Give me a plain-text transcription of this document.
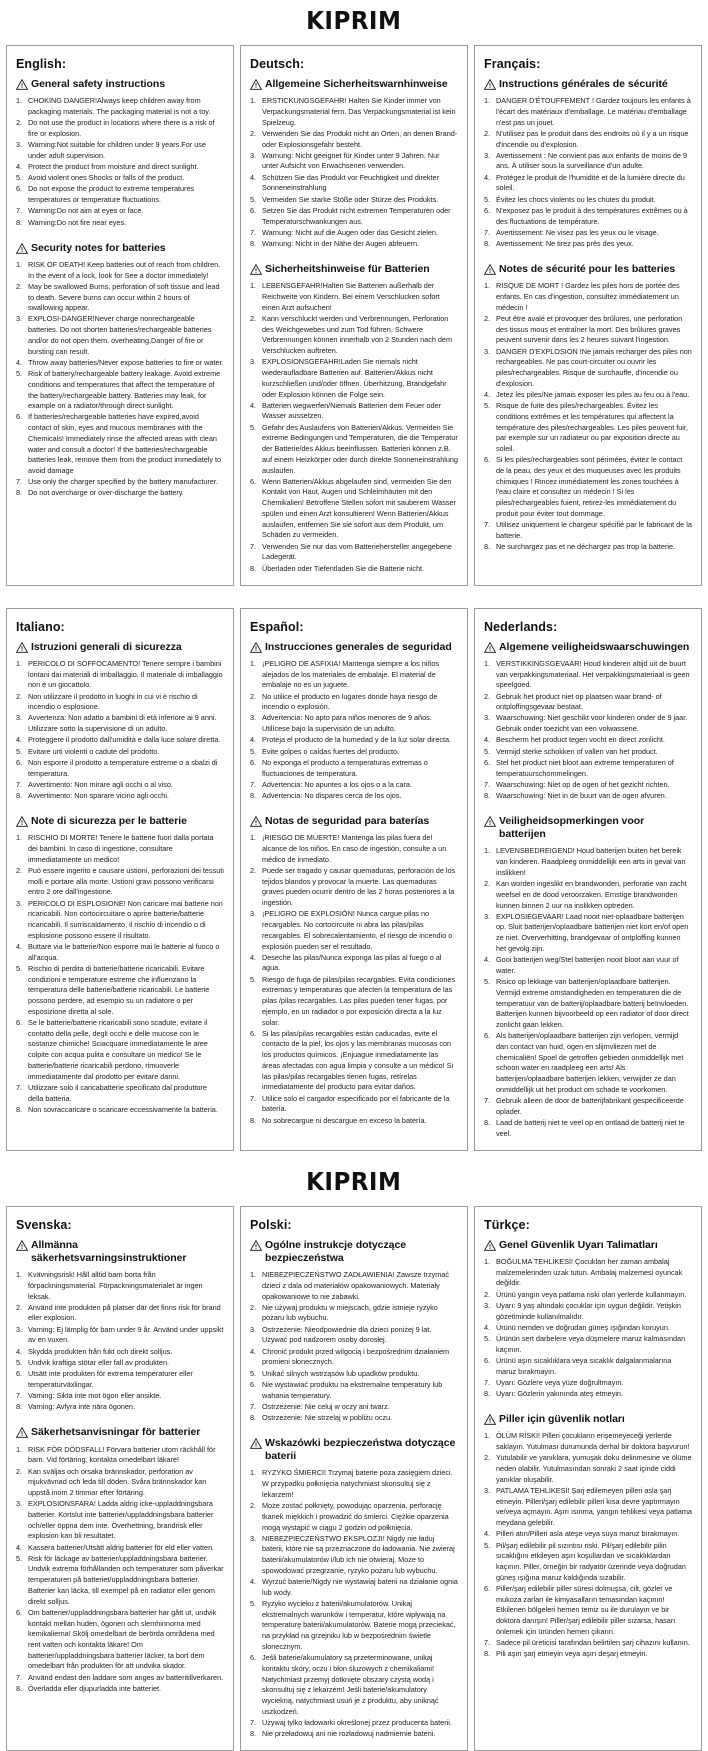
KIPRIM
English:
General safety instructions
CHOKING DANGER!Always keep children away from packaging materials. The packaging material is not a toy.
Do not use the product in locations where there is a risk of fire or explosion.
Warning:Not suitable for children under 9 years.For use under adult supervision.
Protect the product from moisture and direct sunlight.
Avoid violent ones Shocks or falls of the product.
Do not expose the product to extreme temperatures temperatures or temperature fluctuations.
Warning:Do not aim at eyes or face.
Warning:Do not fire near eyes.
Security notes for batteries
RISK OF DEATH! Keep batteries out of reach from children. In the event of a lock, look for See a doctor immediately!
May be swallowed Burns, perforation of soft tissue and lead to death. Severe burns can occur within 2 hours of swallowing appear.
EXPLOSI-DANGER!Never charge nonrechargeable batteries. Do not shorten batteries/rechargeable batteries and/or do not open them. overheating,Danger of fire or bursting can result.
Throw away batteries/Never expose batteries to fire or water.
Risk of battery/rechargeable battery leakage. Avoid extreme conditions and temperatures that affect the temperature of the battery/rechargeable battery. Batteries may leak, for example on a radiator/through direct sunlight.
If batteries/rechargeable batteries have expired,avoid contact of skin, eyes and mucous membranes with the Chemicals! Immediately rinse the affected areas with clean water and consult a doctor! If the batteries/rechargeable batteries leak, remove them from the product immediately to avoid damage
Use only the charger specified by the battery manufacturer.
Do not overcharge or over-discharge the battery.
Deutsch:
Allgemeine Sicherheitswarnhinweise
ERSTICKUNGSGEFAHR! Halten Sie Kinder immer von Verpackungsmaterial fern. Das Verpackungsmaterial ist kein Spielzeug.
Verwenden Sie das Produkt nicht an Orten, an denen Brand- oder Explosionsgefahr besteht.
Warnung: Nicht geeignet für Kinder unter 9 Jahren. Nur unter Aufsicht von Erwachsenen verwenden.
Schützen Sie das Produkt vor Feuchtigkeit und direkter Sonneneinstrahlung
Vermeiden Sie starke Stöße oder Stürze des Produkts.
Setzen Sie das Produkt nicht extremen Temperaturen oder Temperaturschwankungen aus.
Warnung: Nicht auf die Augen oder das Gesicht zielen.
Warnung: Nicht in der Nähe der Augen abfeuern.
Sicherheitshinweise für Batterien
LEBENSGEFAHR!Halten Sie Batterien außerhalb der Reichweite von Kindern. Bei einem Verschlucken sofort einen Arzt aufsuchen!
Kann verschluckt werden und Verbrennungen, Perforation des Weichgewebes und zum Tod führen. Schwere Verbrennungen können innerhalb von 2 Stunden nach dem Verschlucken auftreten.
EXPLOSIONSGEFAHR!Laden Sie niemals nicht wiederaufladbare Batterien auf. Batterien/Akkus nicht kurzschließen und/oder öffnen. Überhitzung, Brandgefahr oder Explosion können die Folge sein.
Batterien wegwerfen/Niemals Batterien dem Feuer oder Wasser aussetzen.
Gefahr des Auslaufens von Batterien/Akkus. Vermeiden Sie extreme Bedingungen und Temperaturen, die die Temperatur der Batterie/des Akkus beeinflussen. Batterien können z.B. auf einem Heizkörper oder durch direkte Sonneneinstrahlung auslaufen.
Wenn Batterien/Akkus abgelaufen sind, vermeiden Sie den Kontakt von Haut, Augen und Schleimhäuten mit den Chemikalien! Betroffene Stellen sofort mit sauberem Wasser spülen und einen Arzt konsultieren! Wenn Batterien/Akkus auslaufen, entfernen Sie sie sofort aus dem Produkt, um Schäden zu vermeiden.
Verwenden Sie nur das vom Batteriehersteller angegebene Ladegerät.
Überladen oder Tiefentladen Sie die Batterie nicht.
Français:
Instructions générales de sécurité
DANGER D'ÉTOUFFEMENT ! Gardez toujours les enfants à l'écart des matériaux d'emballage. Le matériau d'emballage n'est pas un jouet.
N'utilisez pas le produit dans des endroits où il y a un risque d'incendie ou d'explosion.
Avertissement : Ne convient pas aux enfants de moins de 9 ans. À utiliser sous la surveillance d'un adulte.
Protégez le produit de l'humidité et de la lumière directe du soleil.
Évitez les chocs violents ou les chutes du produit.
N'exposez pas le produit à des températures extrêmes ou à des fluctuations de température.
Avertissement: Ne visez pas les yeux ou le visage.
Avertissement: Ne tirez pas près des yeux.
Notes de sécurité pour les batteries
RISQUE DE MORT ! Gardez les piles hors de portée des enfants. En cas d'ingestion, consultez immédiatement un médecin !
Peut être avalé et provoquer des brûlures, une perforation des tissus mous et entraîner la mort. Des brûlures graves peuvent survenir dans les 2 heures suivant l'ingestion.
DANGER D'EXPLOSION !Ne jamais recharger des piles non rechargeables. Ne pas court-circuiter ou ouvrir les piles/rechargeables. Risque de surchauffe, d'incendie ou d'explosion.
Jetez les piles/Ne jamais exposer les piles au feu ou à l'eau.
Risque de fuite des piles/rechargeables. Évitez les conditions extrêmes et les températures qui affectent la température des piles/rechargeables. Les piles peuvent fuir, par exemple sur un radiateur ou par exposition directe au soleil.
Si les piles/rechargeables sont périmées, évitez le contact de la peau, des yeux et des muqueuses avec les produits chimiques ! Rincez immédiatement les zones touchées à l'eau claire et consultez un médecin ! Si les piles/rechargeables fuient, retirez-les immédiatement du produit pour éviter tout dommage.
Utilisez uniquement le chargeur spécifié par le fabricant de la batterie.
Ne surchargez pas et ne déchargez pas trop la batterie.
Italiano:
Istruzioni generali di sicurezza
PERICOLO DI SOFFOCAMENTO! Tenere sempre i bambini lontani dai materiali di imballaggio. Il materiale di imballaggio non è un giocattolo.
Non utilizzare il prodotto in luoghi in cui vi è rischio di incendio o esplosione.
Avvertenza: Non adatto a bambini di età inferiore ai 9 anni. Utilizzare sotto la supervisione di un adulto.
Proteggere il prodotto dall'umidità e dalla luce solare diretta.
Evitare urti violenti o cadute del prodotto.
Non esporre il prodotto a temperature estreme o a sbalzi di temperatura.
Avvertimento: Non mirare agli occhi o al viso.
Avvertimento: Non sparare vicino agli occhi.
Note di sicurezza per le batterie
RISCHIO DI MORTE! Tenere le batterie fuori dalla portata dei bambini. In caso di ingestione, consultare immediatamente un medico!
Può essere ingerito e causare ustioni, perforazioni dei tessuti molli e portare alla morte. Ustioni gravi possono verificarsi entro 2 ore dall'ingestione.
PERICOLO DI ESPLOSIONE! Non caricare mai batterie non ricaricabili. Non cortocircuitare o aprire batterie/batterie ricaricabili. Il surriscaldamento, il rischio di incendio o di esplosione possono essere il risultato.
Buttare via le batterie/Non esporre mai le batterie al fuoco o all'acqua.
Rischio di perdita di batterie/batterie ricaricabili. Evitare condizioni e temperature estreme che influenzano la temperatura delle batterie/batterie ricaricabili. Le batterie possono perdere, ad esempio su un radiatore o per esposizione diretta al sole.
Se le batterie/batterie ricaricabili sono scadute, evitare il contatto della pelle, degli occhi e delle mucose con le sostanze chimiche! Sciacquare immediatamente le aree colpite con acqua pulita e consultare un medico! Se le batterie/batterie ricaricabili perdono, rimuoverle immediatamente dal prodotto per evitare danni.
Utilizzare solo il caricabatterie specificato dal produttore della batteria.
Non sovraccaricare o scaricare eccessivamente la batteria.
Español:
Instrucciones generales de seguridad
¡PELIGRO DE ASFIXIA! Mantenga siempre a los niños alejados de los materiales de embalaje. El material de embalaje no es un juguete.
No utilice el producto en lugares donde haya riesgo de incendio o explosión.
Advertencia: No apto para niños menores de 9 años. Utilícese bajo la supervisión de un adulto.
Proteja el producto de la humedad y de la luz solar directa.
Evite golpes o caídas fuertes del producto.
No exponga el producto a temperaturas extremas o fluctuaciones de temperatura.
Advertencia: No apuntes a los ojos o a la cara.
Advertencia: No dispares cerca de los ojos.
Notas de seguridad para baterías
¡RIESGO DE MUERTE! Mantenga las pilas fuera del alcance de los niños. En caso de ingestión, consulte a un médico de inmediato.
Puede ser tragado y causar quemaduras, perforación de los tejidos blandos y provocar la muerte. Las quemaduras graves pueden ocurrir dentro de las 2 horas posteriores a la ingestión.
¡PELIGRO DE EXPLOSIÓN! Nunca cargue pilas no recargables. No cortocircuite ni abra las pilas/pilas recargables. El sobrecalentamiento, el riesgo de incendio o explosión pueden ser el resultado.
Deseche las pilas/Nunca exponga las pilas al fuego o al agua.
Riesgo de fuga de pilas/pilas recargables. Evita condiciones extremas y temperaturas que afecten la temperatura de las pilas /pilas recargables. Las pilas pueden tener fugas, por ejemplo, en un radiador o por exposición directa a la luz solar.
Si las pilas/pilas recargables están caducadas, evite el contacto de la piel, los ojos y las membranas mucosas con los productos químicos. ¡Enjuague inmediatamente las áreas afectadas con agua limpia y consulte a un médico! Si las pilas/pilas recargables tienen fugas, retírelas inmediatamente del producto para evitar daños.
Utilice solo el cargador especificado por el fabricante de la batería.
No sobrecargue ni descargue en exceso la batería.
Nederlands:
Algemene veiligheidswaarschuwingen
VERSTIKKINGSGEVAAR! Houd kinderen altijd uit de buurt van verpakkingsmateriaal. Het verpakkingsmateriaal is geen speelgoed.
Gebruik het product niet op plaatsen waar brand- of ontploffingsgevaar bestaat.
Waarschuwing: Niet geschikt voor kinderen onder de 9 jaar. Gebruik onder toezicht van een volwassene.
Bescherm het product tegen vocht en direct zonlicht.
Vermijd sterke schokken of vallen van het product.
Stel het product niet bloot aan extreme temperaturen of temperatuurschommelingen.
Waarschuwing: Niet op de ogen of het gezicht richten.
Waarschuwing: Niet in de buurt van de ogen afvuren.
Veiligheidsopmerkingen voor batterijen
LEVENSBEDREIGEND! Houd batterijen buiten het bereik van kinderen. Raadpleeg onmiddellijk een arts in geval van inslikken!
Kan worden ingeslikt en brandwonden, perforatie van zacht weefsel en de dood veroorzaken. Ernstige brandwonden kunnen binnen 2 uur na inslikken optreden.
EXPLOSIEGEVAAR! Laad nooit niet-oplaadbare batterijen op. Sluit batterijen/oplaadbare batterijen niet kort en/of open ze niet. Oververhitting, brandgevaar of ontploffing kunnen het gevolg zijn.
Gooi batterijen weg/Stel batterijen nooit bloot aan vuur of water.
Risico op lekkage van batterijen/oplaadbare batterijen. Vermijd extreme omstandigheden en temperaturen die de temperatuur van de batterij/oplaadbare batterij beïnvloeden. Batterijen kunnen bijvoorbeeld op een radiator of door direct zonlicht gaan lekken.
Als batterijen/oplaadbare batterijen zijn verlopen, vermijd dan contact van huid, ogen en slijmvliezen met de chemicaliën! Spoel de getroffen gebieden onmiddellijk met schoon water en raadpleeg een arts! Als batterijen/oplaadbare batterijen lekken, verwijder ze dan onmiddellijk uit het product om schade te voorkomen.
Gebruik alleen de door de batterijfabrikant gespecificeerde oplader.
Laad de batterij niet te veel op en ontlaad de batterij niet te veel.
KIPRIM
Svenska:
Allmänna säkerhetsvarningsinstruktioner
Kvävningsrisk! Håll alltid barn borta från förpackningsmaterial. Förpackningsmaterialet är ingen leksak.
Använd inte produkten på platser där det finns risk för brand eller explosion.
Varning: Ej lämplig för barn under 9 år. Använd under uppsikt av en vuxen.
Skydda produkten från fukt och direkt solljus.
Undvik kraftiga stötar eller fall av produkten.
Utsätt inte produkten för extrema temperaturer eller temperaturväxlingar.
Varning: Sikta inte mot ögon eller ansikte.
Varning: Avfyra inte nära ögonen.
Säkerhetsanvisningar för batterier
RISK FÖR DÖDSFALL! Förvara batterier utom räckhåll för barn. Vid förtäring, kontakta omedelbart läkare!
Kan sväljas och orsaka brännskador, perforation av mjukvävnad och leda till döden. Svåra brännskador kan uppstå inom 2 timmar efter förtäring.
EXPLOSIONSFARA! Ladda aldrig icke-uppladdningsbara batterier. Kortslut inte batterier/uppladdningsbara batterier och/eller öppna dem inte. Överhettning, brandrisk eller explosion kan bli resultatet.
Kassera batterier/Utsätt aldrig batterier för eld eller vatten.
Risk för läckage av batterier/uppladdningsbara batterier. Undvik extrema förhållanden och temperaturer som påverkar temperaturen på batteriet/uppladdningsbara batterier. Batterier kan läcka, till exempel på en radiator eller genom direkt solljus.
Om batterier/uppladdningsbara batterier har gått ut, undvik kontakt mellan huden, ögonen och slemhinnorna med kemikalierna! Skölj omedelbart de berörda områdena med rent vatten och kontakta läkare! Om batterier/uppladdningsbara batterier läcker, ta bort dem omedelbart från produkten för att undvika skador.
Använd endast den laddare som anges av batteritillverkaren.
Överladda eller djupurladda inte batteriet.
Polski:
Ogólne instrukcje dotyczące bezpieczeństwa
NIEBEZPIECZEŃSTWO ZADŁAWIENIA! Zawsze trzymać dzieci z dala od materiałów opakowaniowych. Materiały opakowaniowe to nie zabawki.
Nie używaj produktu w miejscach, gdzie istnieje ryzyko pożaru lub wybuchu.
Ostrzeżenie: Nieodpowiednie dla dzieci poniżej 9 lat. Używać pod nadzorem osoby dorosłej.
Chronić produkt przed wilgocią i bezpośrednim działaniem promieni słonecznych.
Unikać silnych wstrząsów lub upadków produktu.
Nie wystawiać produktu na ekstremalne temperatury lub wahania temperatury.
Ostrzeżenie: Nie celuj w oczy ani twarz.
Ostrzeżenie: Nie strzelaj w pobliżu oczu.
Wskazówki bezpieczeństwa dotyczące baterii
RYZYKO ŚMIERCI! Trzymaj baterie poza zasięgiem dzieci. W przypadku połknięcia natychmiast skonsultuj się z lekarzem!
Może zostać połknięty, powodując oparzenia, perforację tkanek miękkich i prowadzić do śmierci. Ciężkie oparzenia mogą wystąpić w ciągu 2 godzin od połknięcia.
NIEBEZPIECZEŃSTWO EKSPLOZJI! Nigdy nie ładuj baterii, które nie są przeznaczone do ładowania. Nie zwieraj baterii/akumulatorów i/lub ich nie otwieraj. Może to spowodować przegrzanie, ryzyko pożaru lub wybuchu.
Wyrzuć baterie/Nigdy nie wystawiaj baterii na działanie ognia lub wody.
Ryzyko wycieku z baterii/akumulatorów. Unikaj ekstremalnych warunków i temperatur, które wpływają na temperaturę baterii/akumulatorów. Baterie mogą przeciekać, na przykład na grzejniku lub w bezpośrednim świetle słonecznym.
Jeśli baterie/akumulatory są przeterminowane, unikaj kontaktu skóry, oczu i błon śluzowych z chemikaliami! Natychmiast przemyj dotknięte obszary czystą wodą i skonsultuj się z lekarzem! Jeśli baterie/akumulatory wyciekną, natychmiast usuń je z produktu, aby uniknąć uszkodzeń.
Używaj tylko ładowarki określonej przez producenta baterii.
Nie przeładowuj ani nie rozładowuj nadmiernie baterii.
Türkçe:
Genel Güvenlik Uyarı Talimatları
BOĞULMA TEHLİKESİ! Çocukları her zaman ambalaj malzemelerinden uzak tutun. Ambalaj malzemesi oyuncak değildir.
Ürünü yangın veya patlama riski olan yerlerde kullanmayın.
Uyarı: 9 yaş altındaki çocuklar için uygun değildir. Yetişkin gözetiminde kullanılmalıdır.
Ürünü nemden ve doğrudan güneş ışığından koruyun.
Ürünün sert darbelere veya düşmelere maruz kalmasından kaçının.
Ürünü aşırı sıcaklıklara veya sıcaklık dalgalanmalarına maruz bırakmayın.
Uyarı: Gözlere veya yüze doğrultmayın.
Uyarı: Gözlerin yakınında ateş etmeyin.
Piller için güvenlik notları
ÖLÜM RİSKİ! Pilleri çocukların erişemeyeceği yerlerde saklayın. Yutulması durumunda derhal bir doktora başvurun!
Yutulabilir ve yanıklara, yumuşak doku delinmesine ve ölüme neden olabilir. Yutulmasından sonraki 2 saat içinde ciddi yanıklar oluşabilir.
PATLAMA TEHLİKESİ! Şarj edilemeyen pilleri asla şarj etmeyin. Pilleri/şarj edilebilir pilleri kısa devre yaptırmayın ve/veya açmayın. Aşırı ısınma, yangın tehlikesi veya patlama meydana gelebilir.
Pilleri atın/Pilleri asla ateşe veya suya maruz bırakmayın.
Pil/şarj edilebilir pil sızıntısı riski. Pil/şarj edilebilir pilin sıcaklığını etkileyen aşırı koşullardan ve sıcaklıklardan kaçının. Piller, örneğin bir radyatör üzerinde veya doğrudan güneş ışığına maruz kaldığında sızabilir.
Piller/şarj edilebilir piller süresi dolmuşsa, cilt, gözler ve mukoza zarları ile kimyasalların temasından kaçının! Etkilenen bölgeleri hemen temiz su ile durulayın ve bir doktora danışın! Piller/şarj edilebilir piller sızarsa, hasarı önlemek için üründen hemen çıkarın.
Sadece pil üreticisi tarafından belirtilen şarj cihazını kullanın.
Pili aşırı şarj etmeyin veya aşırı deşarj etmeyin.
